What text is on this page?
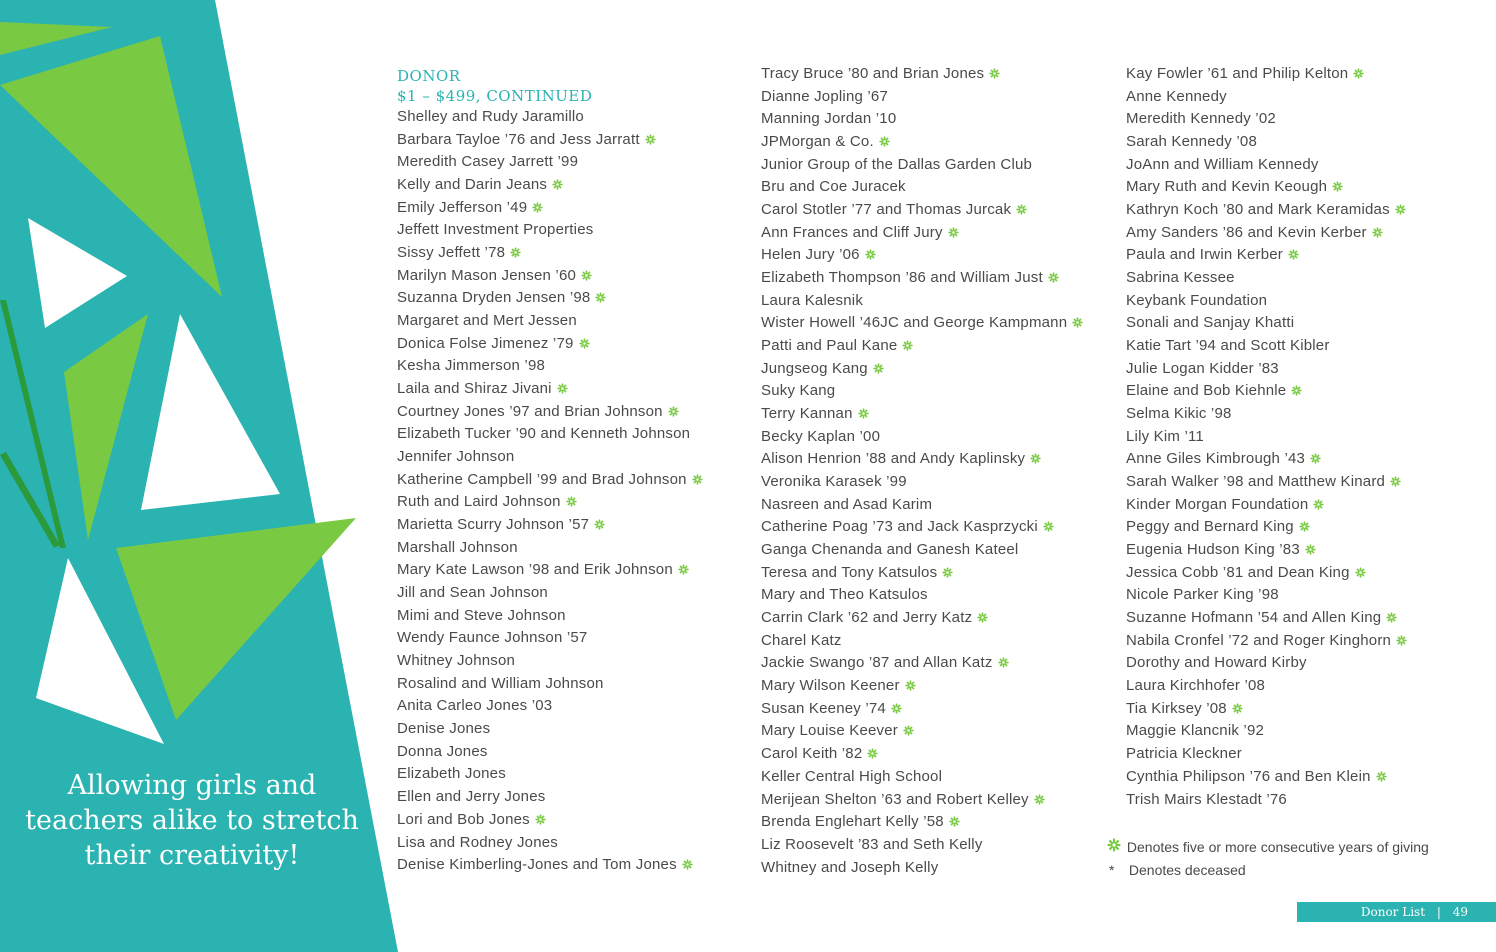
Allowing girls and
teachers alike to stretch
their creativity!
DONOR
$1 – $499, CONTINUED
Shelley and Rudy Jaramillo
Barbara Tayloe ’76 and Jess Jarratt
Meredith Casey Jarrett ’99
Kelly and Darin Jeans
Emily Jefferson ’49
Jeffett Investment Properties
Sissy Jeffett ’78
Marilyn Mason Jensen ’60
Suzanna Dryden Jensen ’98
Margaret and Mert Jessen
Donica Folse Jimenez ’79
Kesha Jimmerson ’98
Laila and Shiraz Jivani
Courtney Jones ’97 and Brian Johnson
Elizabeth Tucker ’90 and Kenneth Johnson
Jennifer Johnson
Katherine Campbell ’99 and Brad Johnson
Ruth and Laird Johnson
Marietta Scurry Johnson ’57
Marshall Johnson
Mary Kate Lawson ’98 and Erik Johnson
Jill and Sean Johnson
Mimi and Steve Johnson
Wendy Faunce Johnson ’57
Whitney Johnson
Rosalind and William Johnson
Anita Carleo Jones ’03
Denise Jones
Donna Jones
Elizabeth Jones
Ellen and Jerry Jones
Lori and Bob Jones
Lisa and Rodney Jones
Denise Kimberling-Jones and Tom Jones
Tracy Bruce ’80 and Brian Jones
Dianne Jopling ’67
Manning Jordan ’10
JPMorgan & Co.
Junior Group of the Dallas Garden Club
Bru and Coe Juracek
Carol Stotler ’77 and Thomas Jurcak
Ann Frances and Cliff Jury
Helen Jury ’06
Elizabeth Thompson ’86 and William Just
Laura Kalesnik
Wister Howell ’46JC and George Kampmann
Patti and Paul Kane
Jungseog Kang
Suky Kang
Terry Kannan
Becky Kaplan ’00
Alison Henrion ’88 and Andy Kaplinsky
Veronika Karasek ’99
Nasreen and Asad Karim
Catherine Poag ’73 and Jack Kasprzycki
Ganga Chenanda and Ganesh Kateel
Teresa and Tony Katsulos
Mary and Theo Katsulos
Carrin Clark ’62 and Jerry Katz
Charel Katz
Jackie Swango ’87 and Allan Katz
Mary Wilson Keener
Susan Keeney ’74
Mary Louise Keever
Carol Keith ’82
Keller Central High School
Merijean Shelton ’63 and Robert Kelley
Brenda Englehart Kelly ’58
Liz Roosevelt ’83 and Seth Kelly
Whitney and Joseph Kelly
Kay Fowler ’61 and Philip Kelton
Anne Kennedy
Meredith Kennedy ’02
Sarah Kennedy ’08
JoAnn and William Kennedy
Mary Ruth and Kevin Keough
Kathryn Koch ’80 and Mark Keramidas
Amy Sanders ’86 and Kevin Kerber
Paula and Irwin Kerber
Sabrina Kessee
Keybank Foundation
Sonali and Sanjay Khatti
Katie Tart ’94 and Scott Kibler
Julie Logan Kidder ’83
Elaine and Bob Kiehnle
Selma Kikic ’98
Lily Kim ’11
Anne Giles Kimbrough ’43
Sarah Walker ’98 and Matthew Kinard
Kinder Morgan Foundation
Peggy and Bernard King
Eugenia Hudson King ’83
Jessica Cobb ’81 and Dean King
Nicole Parker King ’98
Suzanne Hofmann ’54 and Allen King
Nabila Cronfel ’72 and Roger Kinghorn
Dorothy and Howard Kirby
Laura Kirchhofer ’08
Tia Kirksey ’08
Maggie Klancnik ’92
Patricia Kleckner
Cynthia Philipson ’76 and Ben Klein
Trish Mairs Klestadt ’76
Denotes five or more consecutive years of giving
* Denotes deceased
Donor List | 49
